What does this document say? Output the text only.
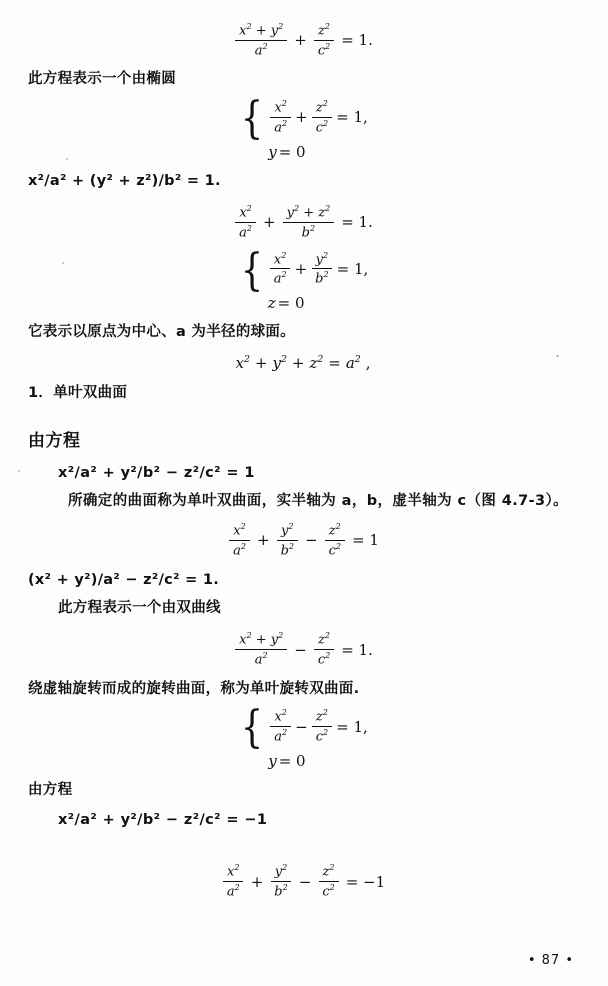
$\frac{x^2 + y^2}{a^2} + \frac{z^2}{c^2} = 1$.
此方程表示一个由椭圆
{ $\frac{x^2}{a^2} + \frac{z^2}{c^2} = 1$,
y = 0
x²/a² + (y² + z²)/b² = 1.
$\frac{x^2}{a^2} + \frac{y^2 + z^2}{b^2} = 1$.
{ $\frac{x^2}{a^2} + \frac{y^2}{b^2} = 1$,
z = 0
它表示以原点为中心、a 为半径的球面。
$x^2 + y^2 + z^2 = a^2$ ,
1．单叶双曲面
由方程
x²/a² + y²/b² − z²/c² = 1
所确定的曲面称为单叶双曲面，实半轴为 a，b，虚半轴为 c（图 4.7-3）。
$\frac{x^2}{a^2} + \frac{y^2}{b^2} - \frac{z^2}{c^2} = 1$
(x² + y²)/a² − z²/c² = 1.
此方程表示一个由双曲线
$\frac{x^2 + y^2}{a^2} - \frac{z^2}{c^2} = 1$.
绕虚轴旋转而成的旋转曲面，称为单叶旋转双曲面.
{ $\frac{x^2}{a^2} - \frac{z^2}{c^2} = 1$,
y = 0
由方程
x²/a² + y²/b² − z²/c² = −1
$\frac{x^2}{a^2} + \frac{y^2}{b^2} - \frac{z^2}{c^2} = -1$
• 87 •
